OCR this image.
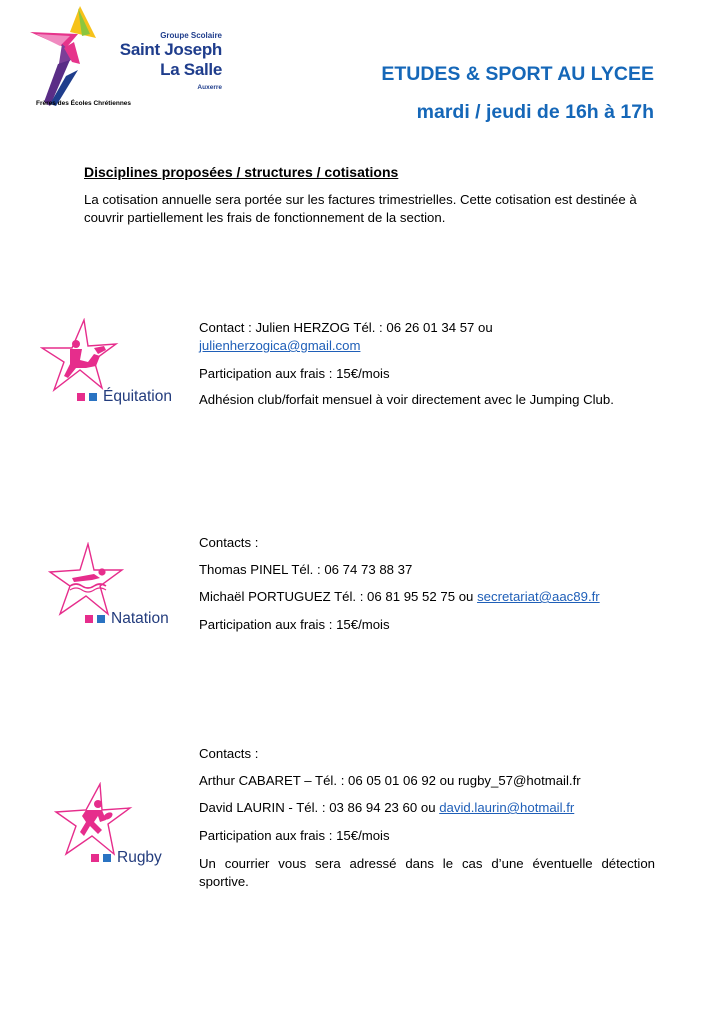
Groupe Scolaire
Saint Joseph
La Salle
Auxerre
Frères des Écoles Chrétiennes
ETUDES & SPORT AU LYCEE
mardi / jeudi de 16h à 17h
Disciplines proposées / structures / cotisations

La cotisation annuelle sera portée sur les factures trimestrielles. Cette cotisation est destinée à couvrir partiellement les frais de fonctionnement de la section.

Équitation
Contact : Julien HERZOG Tél. : 06 26 01 34 57 ou
julienherzogica@gmail.com
Participation aux frais : 15€/mois
Adhésion club/forfait mensuel à voir directement avec le Jumping Club.
Natation
Contacts :
Thomas PINEL Tél. : 06 74 73 88 37
Michaël PORTUGUEZ Tél. : 06 81 95 52 75 ou secretariat@aac89.fr
Participation aux frais : 15€/mois
Rugby
Contacts :
Arthur CABARET – Tél. : 06 05 01 06 92 ou rugby_57@hotmail.fr
David LAURIN - Tél. : 03 86 94 23 60 ou david.laurin@hotmail.fr
Participation aux frais : 15€/mois

Un courrier vous sera adressé dans le cas d’une éventuelle détection sportive.
